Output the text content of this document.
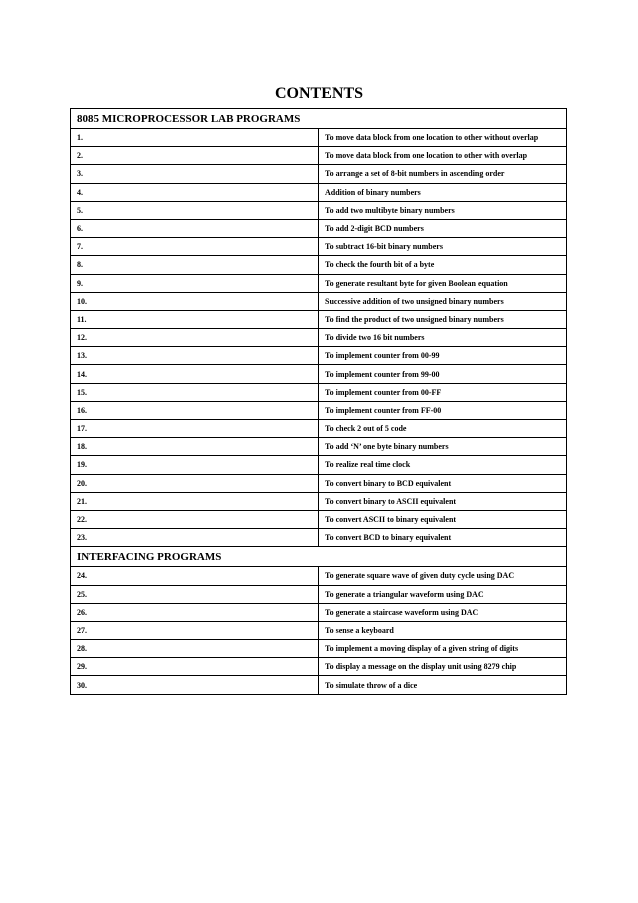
CONTENTS
8085 MICROPROCESSOR LAB PROGRAMS	
1.	To move data block from one location to other without overlap
2.	To move data block from one location to other with overlap
3.	To arrange a set of 8-bit numbers in ascending order
4.	Addition of binary numbers
5.	To add two multibyte binary numbers
6.	To add 2-digit BCD numbers
7.	To subtract 16-bit binary numbers
8.	To check the fourth bit of a byte
9.	To generate resultant byte for given Boolean equation
10.	Successive addition of two unsigned binary numbers
11.	To find the product of two unsigned binary numbers
12.	To divide two 16 bit numbers
13.	To implement counter from 00-99
14.	To implement counter from 99-00
15.	To implement counter from 00-FF
16.	To implement counter from FF-00
17.	To check 2 out of 5 code
18.	To add ‘N’ one byte binary numbers
19.	To realize real time clock
20.	To convert binary to BCD equivalent
21.	To convert binary to ASCII equivalent
22.	To convert ASCII to binary equivalent
23.	To convert BCD to binary equivalent
INTERFACING PROGRAMS	
24.	To generate square wave of given duty cycle using DAC
25.	To generate a triangular waveform using DAC
26.	To generate a staircase waveform using DAC
27.	To sense a keyboard
28.	To implement a moving display of a given string of digits
29.	To display a message on the display unit using 8279 chip
30.	To simulate throw of a dice
